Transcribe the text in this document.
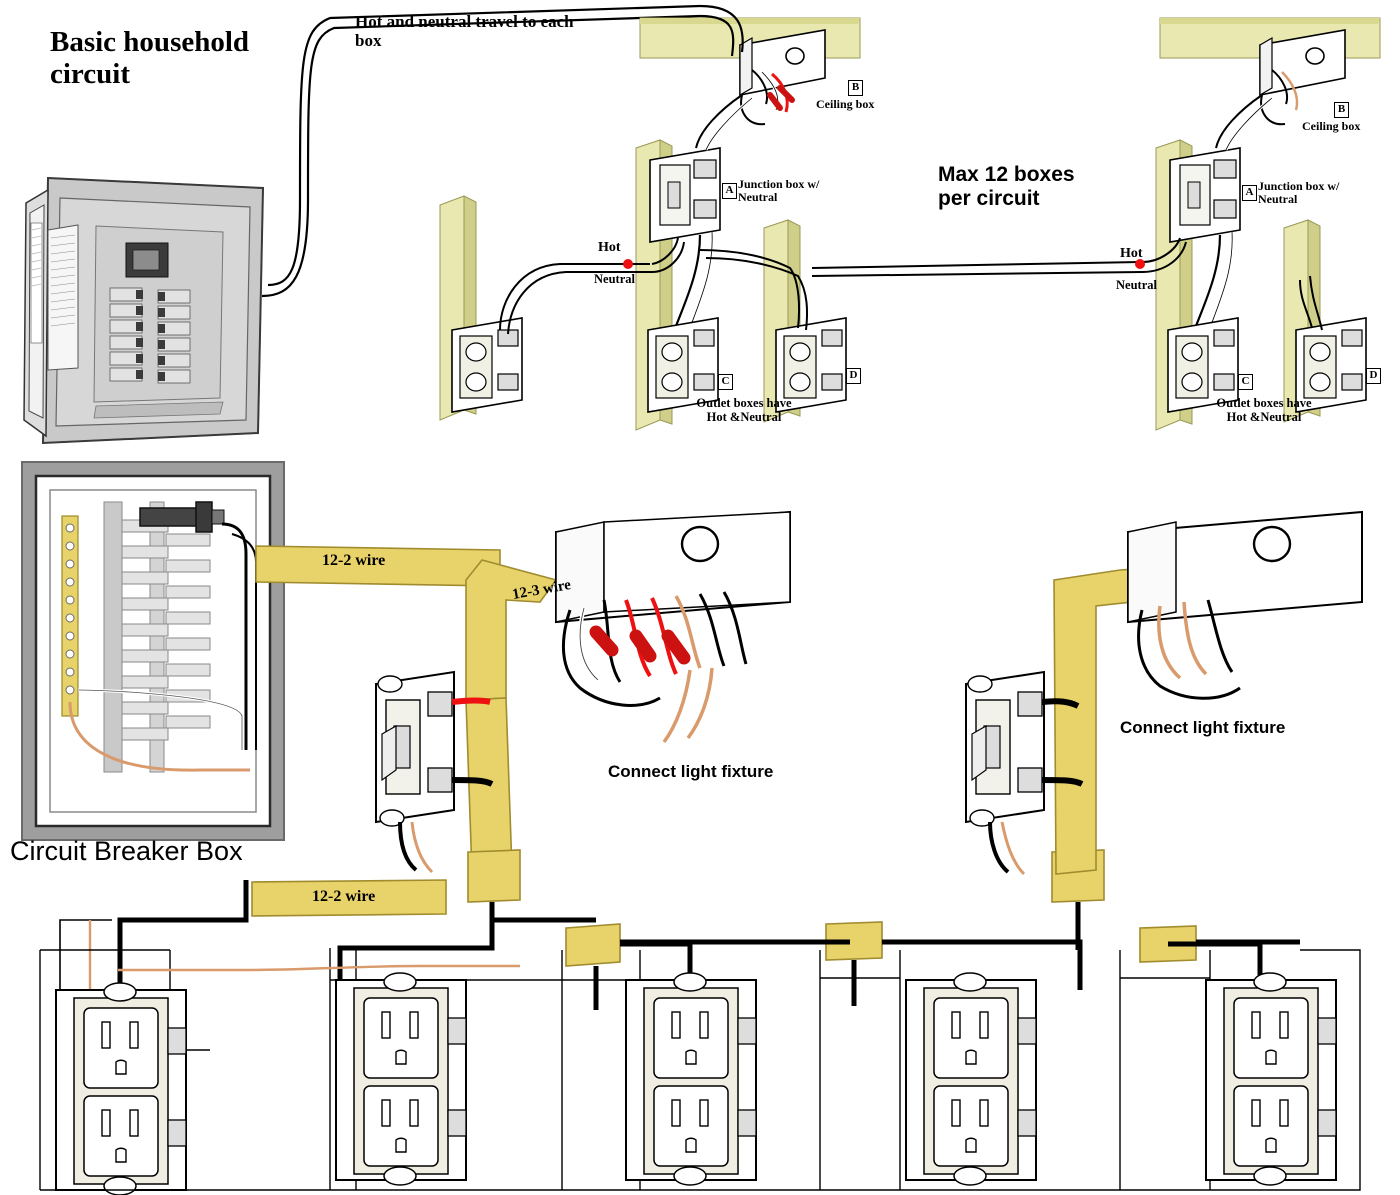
Basic household circuit
Hot and neutral travel to each box
Max 12 boxes per circuit
Ceiling box
B
Junction box w/ Neutral
A
C	D
Outlet boxes have Hot &Neutral
Hot
Neutral
Ceiling box
B
Junction box w/ Neutral
A
C	D
Outlet boxes have Hot &Neutral
Hot
Neutral
Circuit Breaker Box
12-2 wire
12-3 wire
12-2 wire
Connect light fixture
Connect light fixture
